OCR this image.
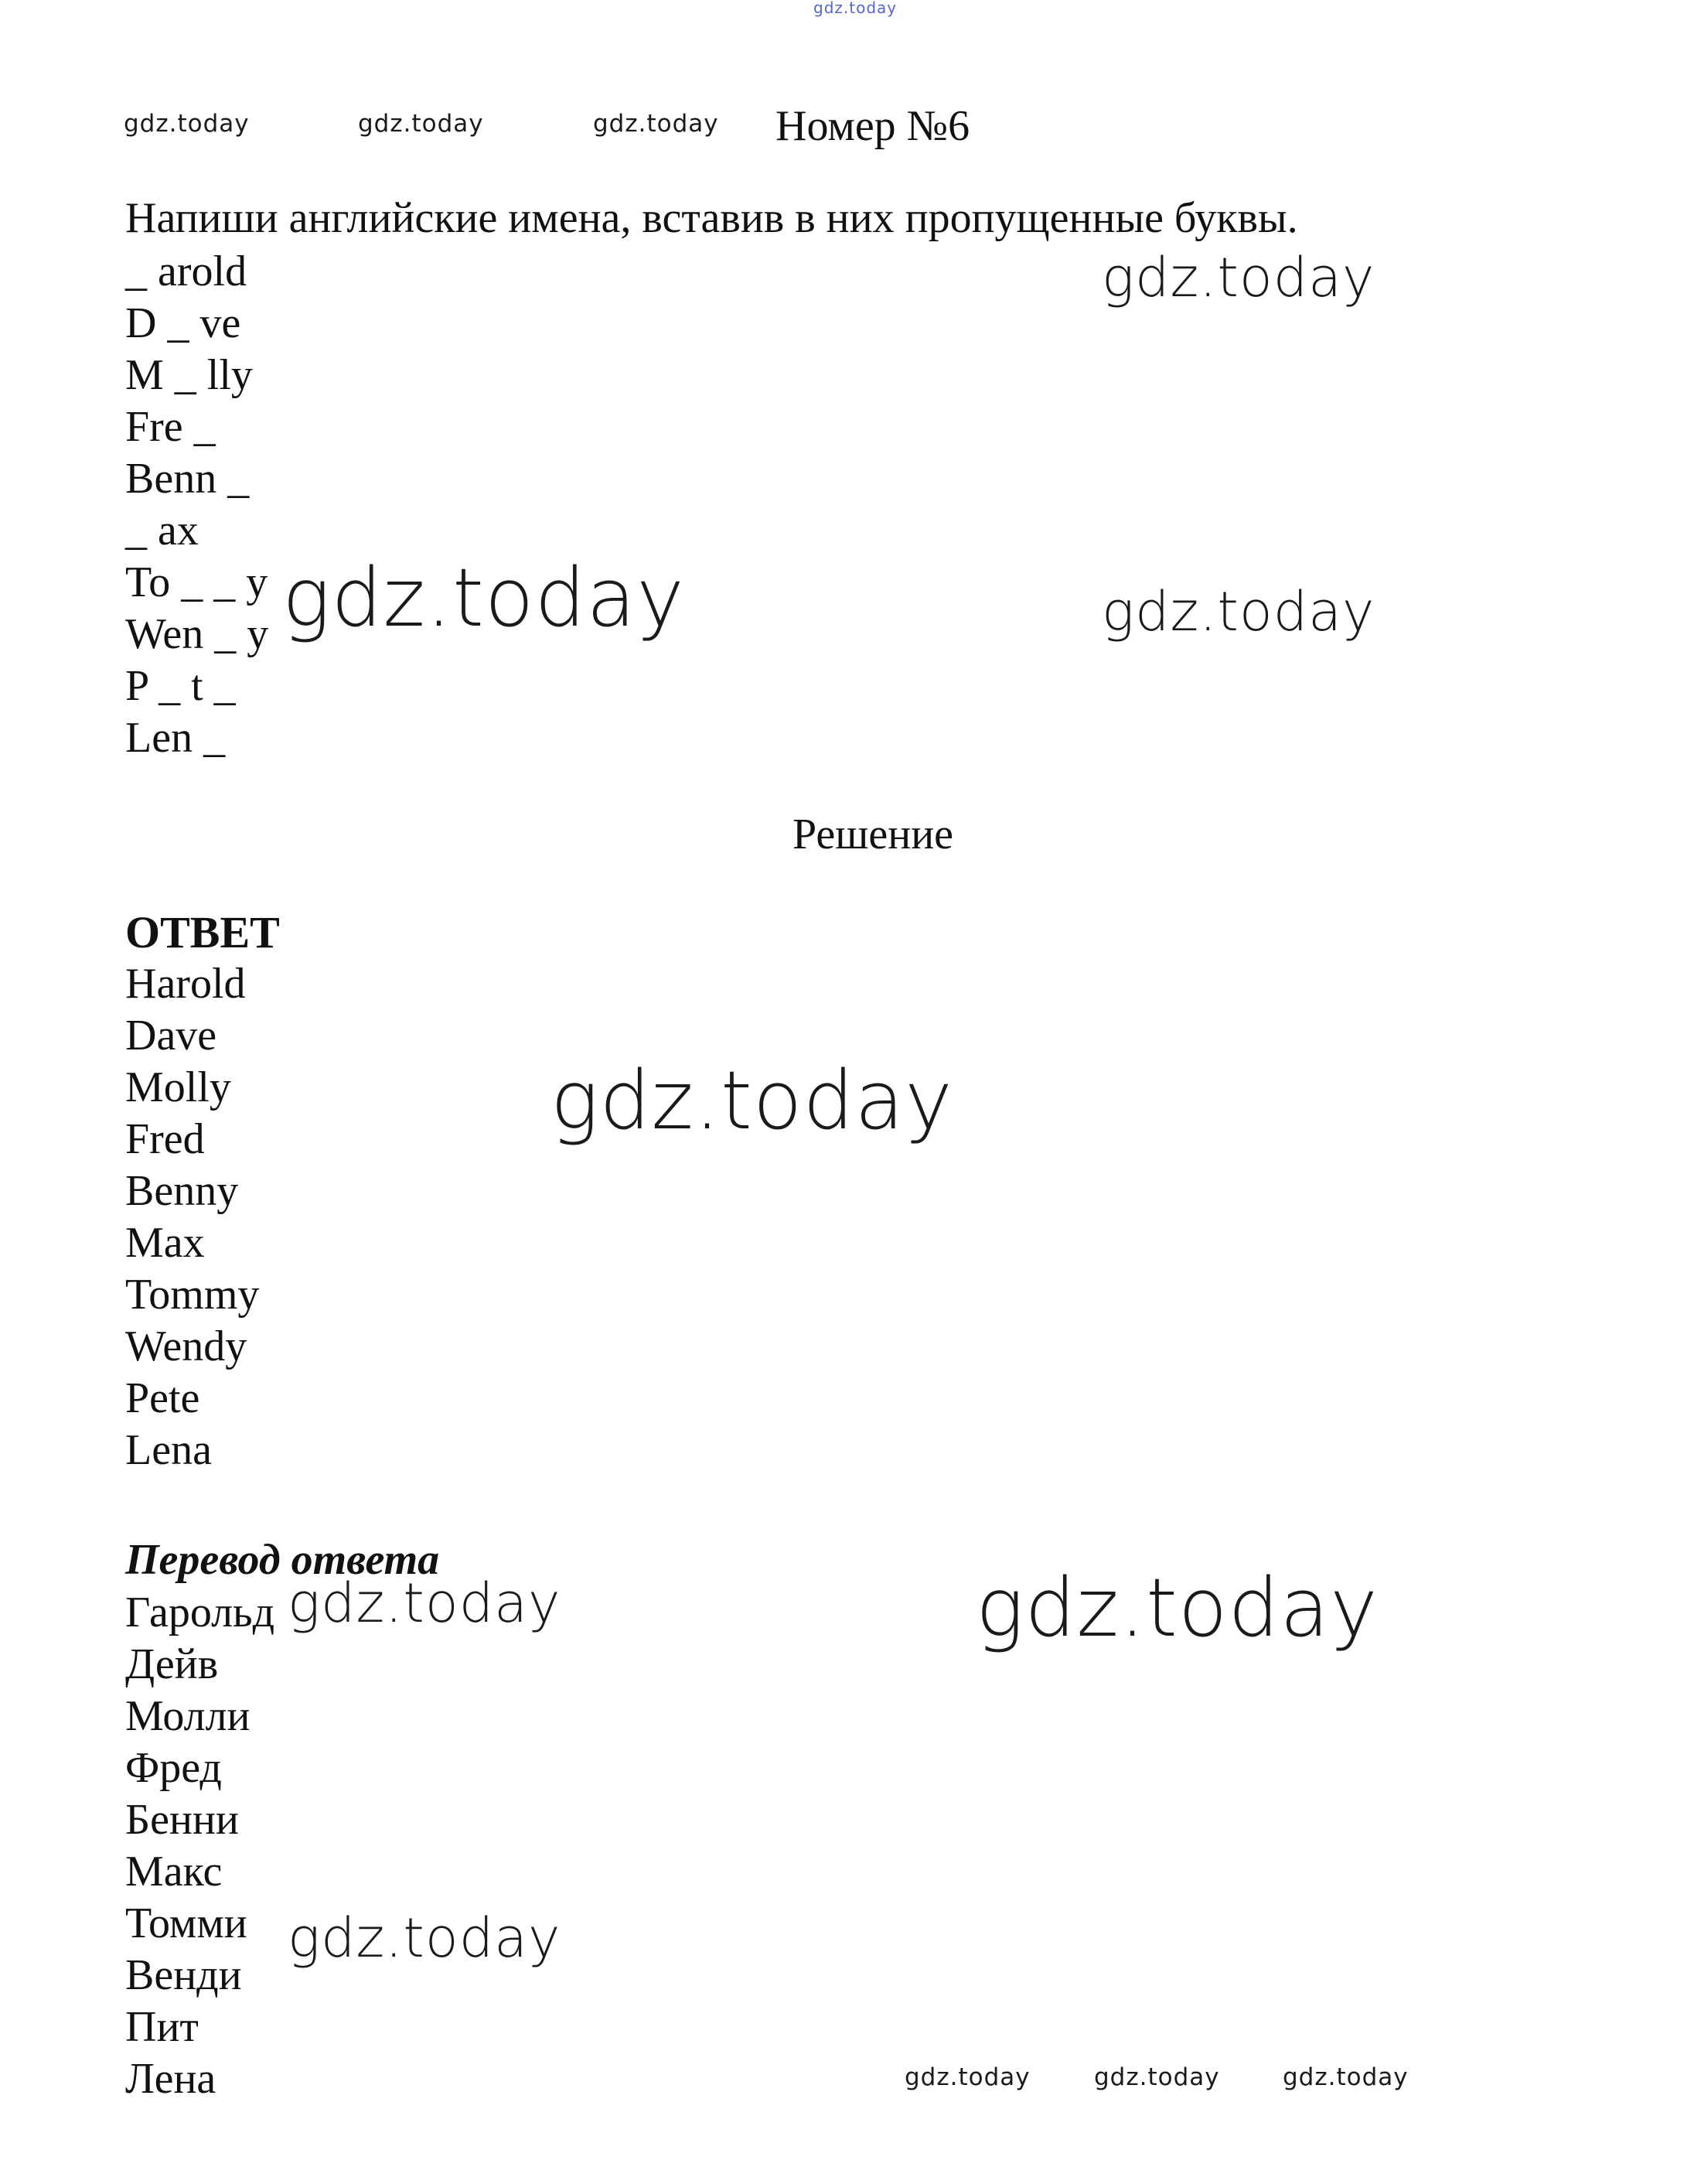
gdz.today
gdz.today	gdz.today	gdz.today
gdz.today
gdz.today	gdz.today
gdz.today
gdz.today
gdz.today
gdz.today
gdz.today	gdz.today	gdz.today
Номер №6
Напиши английские имена, вставив в них пропущенные буквы.
_ arold
D _ ve
M _ lly
Fre _
Benn _
_ ax
To _ _ y
Wen _ y
P _ t _
Len _
Решение
ОТВЕТ
Harold
Dave
Molly
Fred
Benny
Max
Tommy
Wendy
Pete
Lena
Перевод ответа
Гарольд
Дейв
Молли
Фред
Бенни
Макс
Томми
Венди
Пит
Лена
